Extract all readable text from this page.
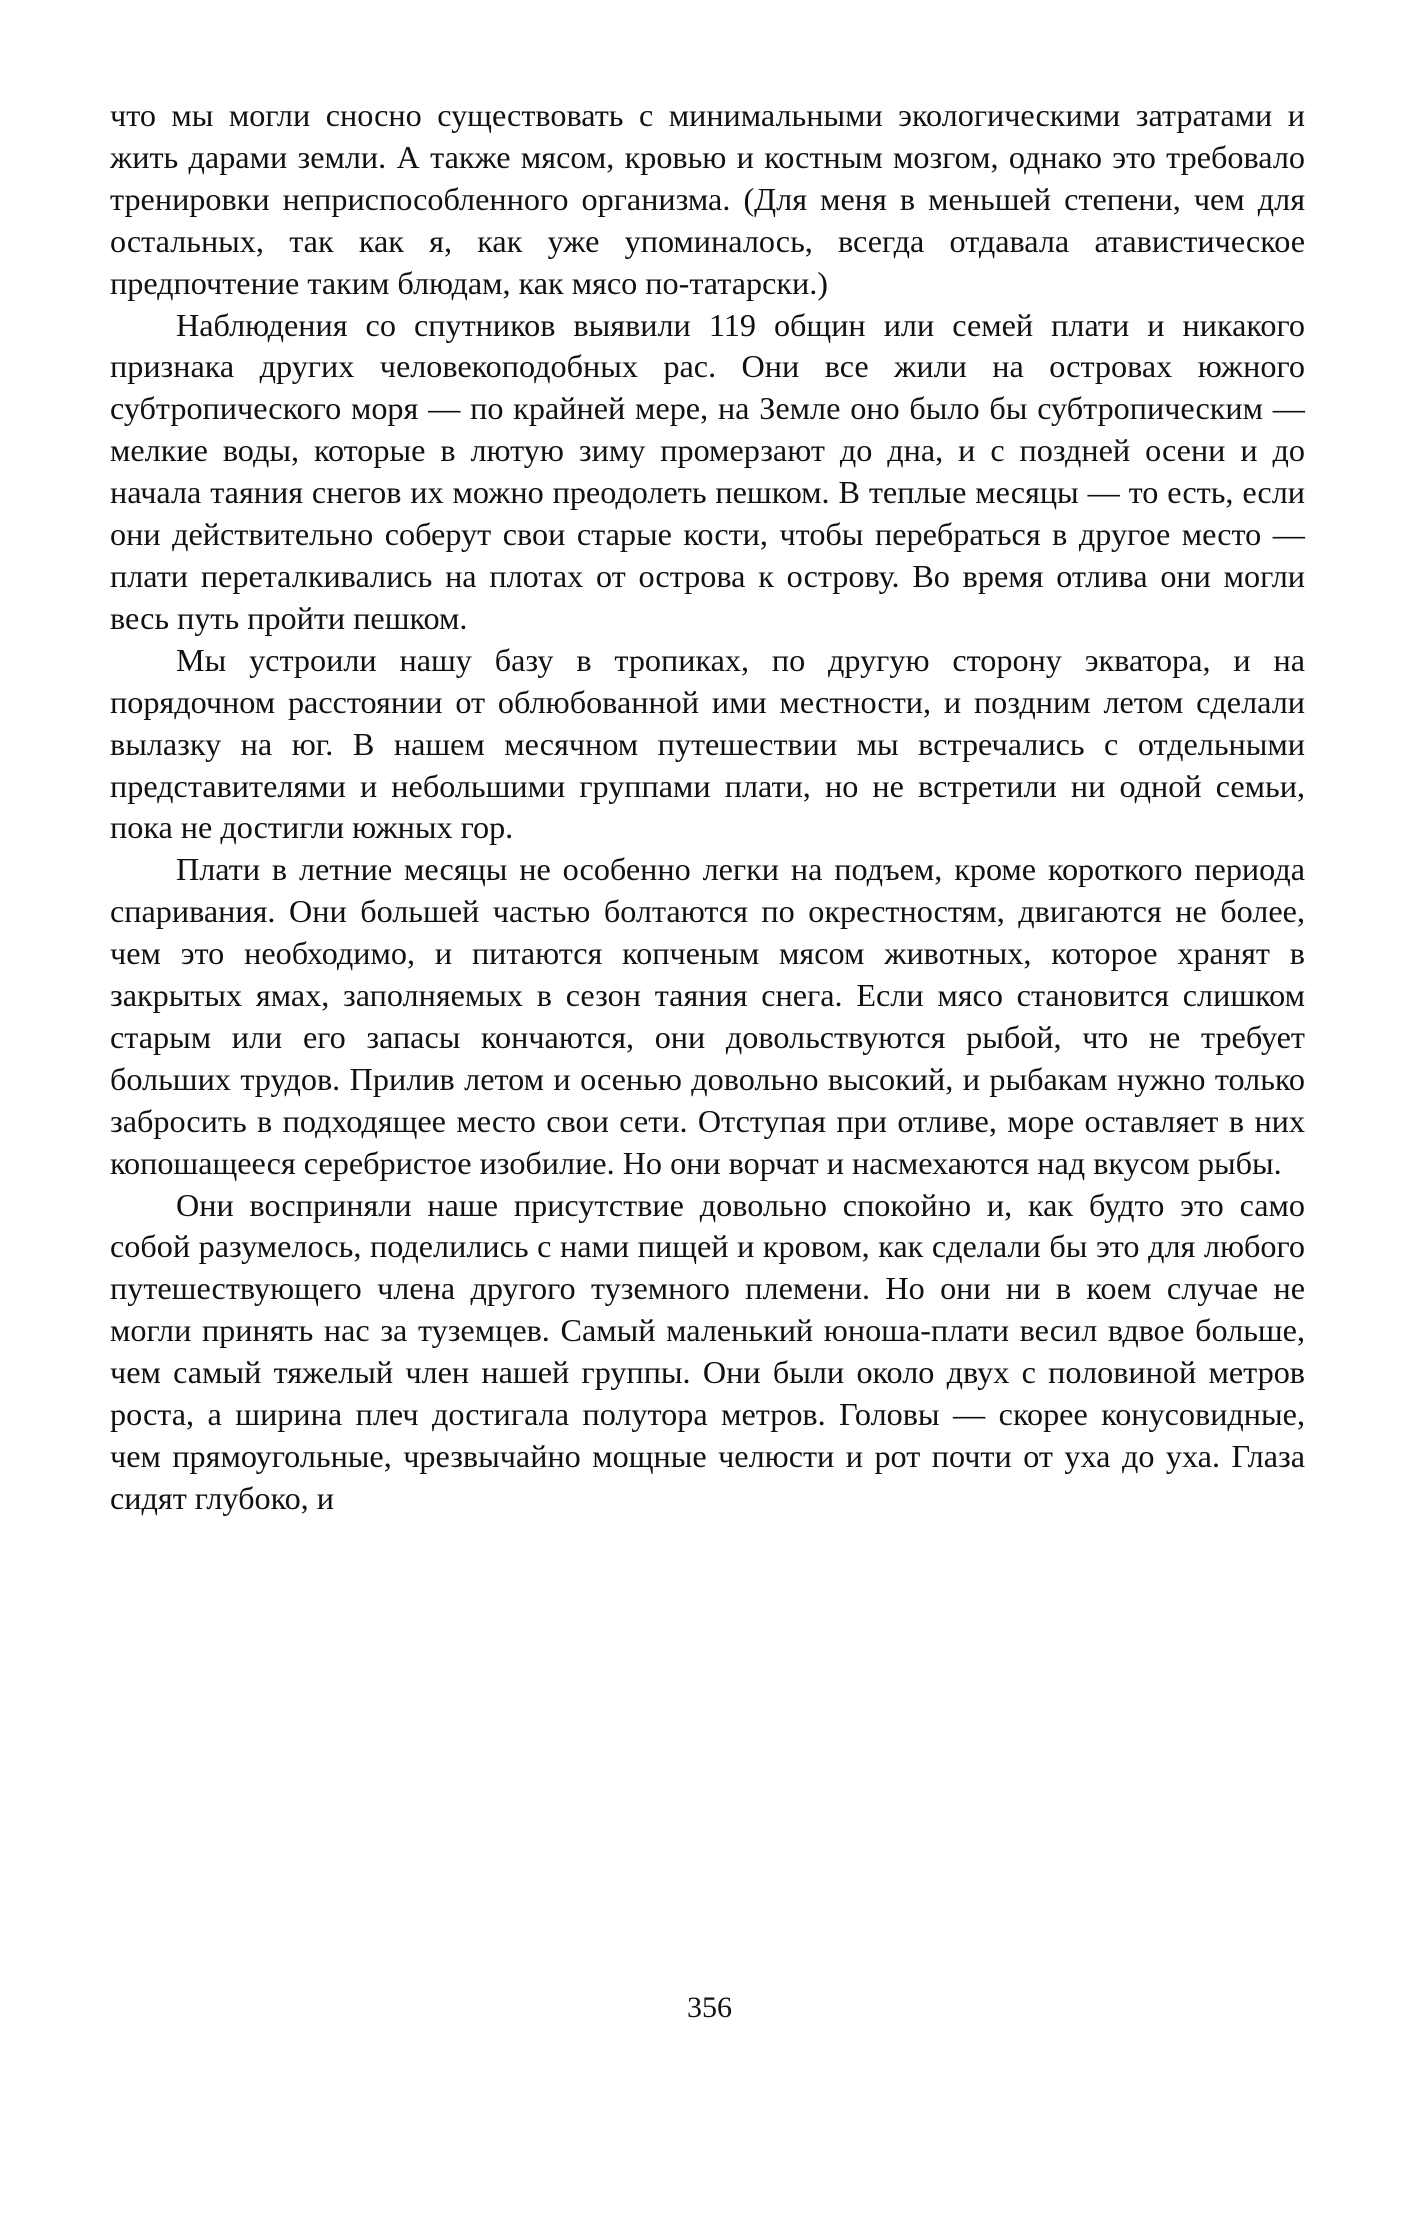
что мы могли сносно существовать с минимальными экологическими затратами и жить дарами земли. А также мясом, кровью и костным мозгом, однако это требовало тренировки неприспособленного организма. (Для меня в меньшей степени, чем для остальных, так как я, как уже упоминалось, всегда отдавала атавистическое предпочтение таким блюдам, как мясо по-татарски.)

Наблюдения со спутников выявили 119 общин или семей плати и никакого признака других человекоподобных рас. Они все жили на островах южного субтропического моря — по крайней мере, на Земле оно было бы субтропическим — мелкие воды, которые в лютую зиму промерзают до дна, и с поздней осени и до начала таяния снегов их можно преодолеть пешком. В теплые месяцы — то есть, если они действительно соберут свои старые кости, чтобы перебраться в другое место — плати переталкивались на плотах от острова к острову. Во время отлива они могли весь путь пройти пешком.

Мы устроили нашу базу в тропиках, по другую сторону экватора, и на порядочном расстоянии от облюбованной ими местности, и поздним летом сделали вылазку на юг. В нашем месячном путешествии мы встречались с отдельными представителями и небольшими группами плати, но не встретили ни одной семьи, пока не достигли южных гор.

Плати в летние месяцы не особенно легки на подъем, кроме короткого периода спаривания. Они большей частью болтаются по окрестностям, двигаются не более, чем это необходимо, и питаются копченым мясом животных, которое хранят в закрытых ямах, заполняемых в сезон таяния снега. Если мясо становится слишком старым или его запасы кончаются, они довольствуются рыбой, что не требует больших трудов. Прилив летом и осенью довольно высокий, и рыбакам нужно только забросить в подходящее место свои сети. Отступая при отливе, море оставляет в них копошащееся серебристое изобилие. Но они ворчат и насмехаются над вкусом рыбы.

Они восприняли наше присутствие довольно спокойно и, как будто это само собой разумелось, поделились с нами пищей и кровом, как сделали бы это для любого путешествующего члена другого туземного племени. Но они ни в коем случае не могли принять нас за туземцев. Самый маленький юноша-плати весил вдвое больше, чем самый тяжелый член нашей группы. Они были около двух с половиной метров роста, а ширина плеч достигала полутора метров. Головы — скорее конусовидные, чем прямоугольные, чрезвычайно мощные челюсти и рот почти от уха до уха. Глаза сидят глубоко, и

356
